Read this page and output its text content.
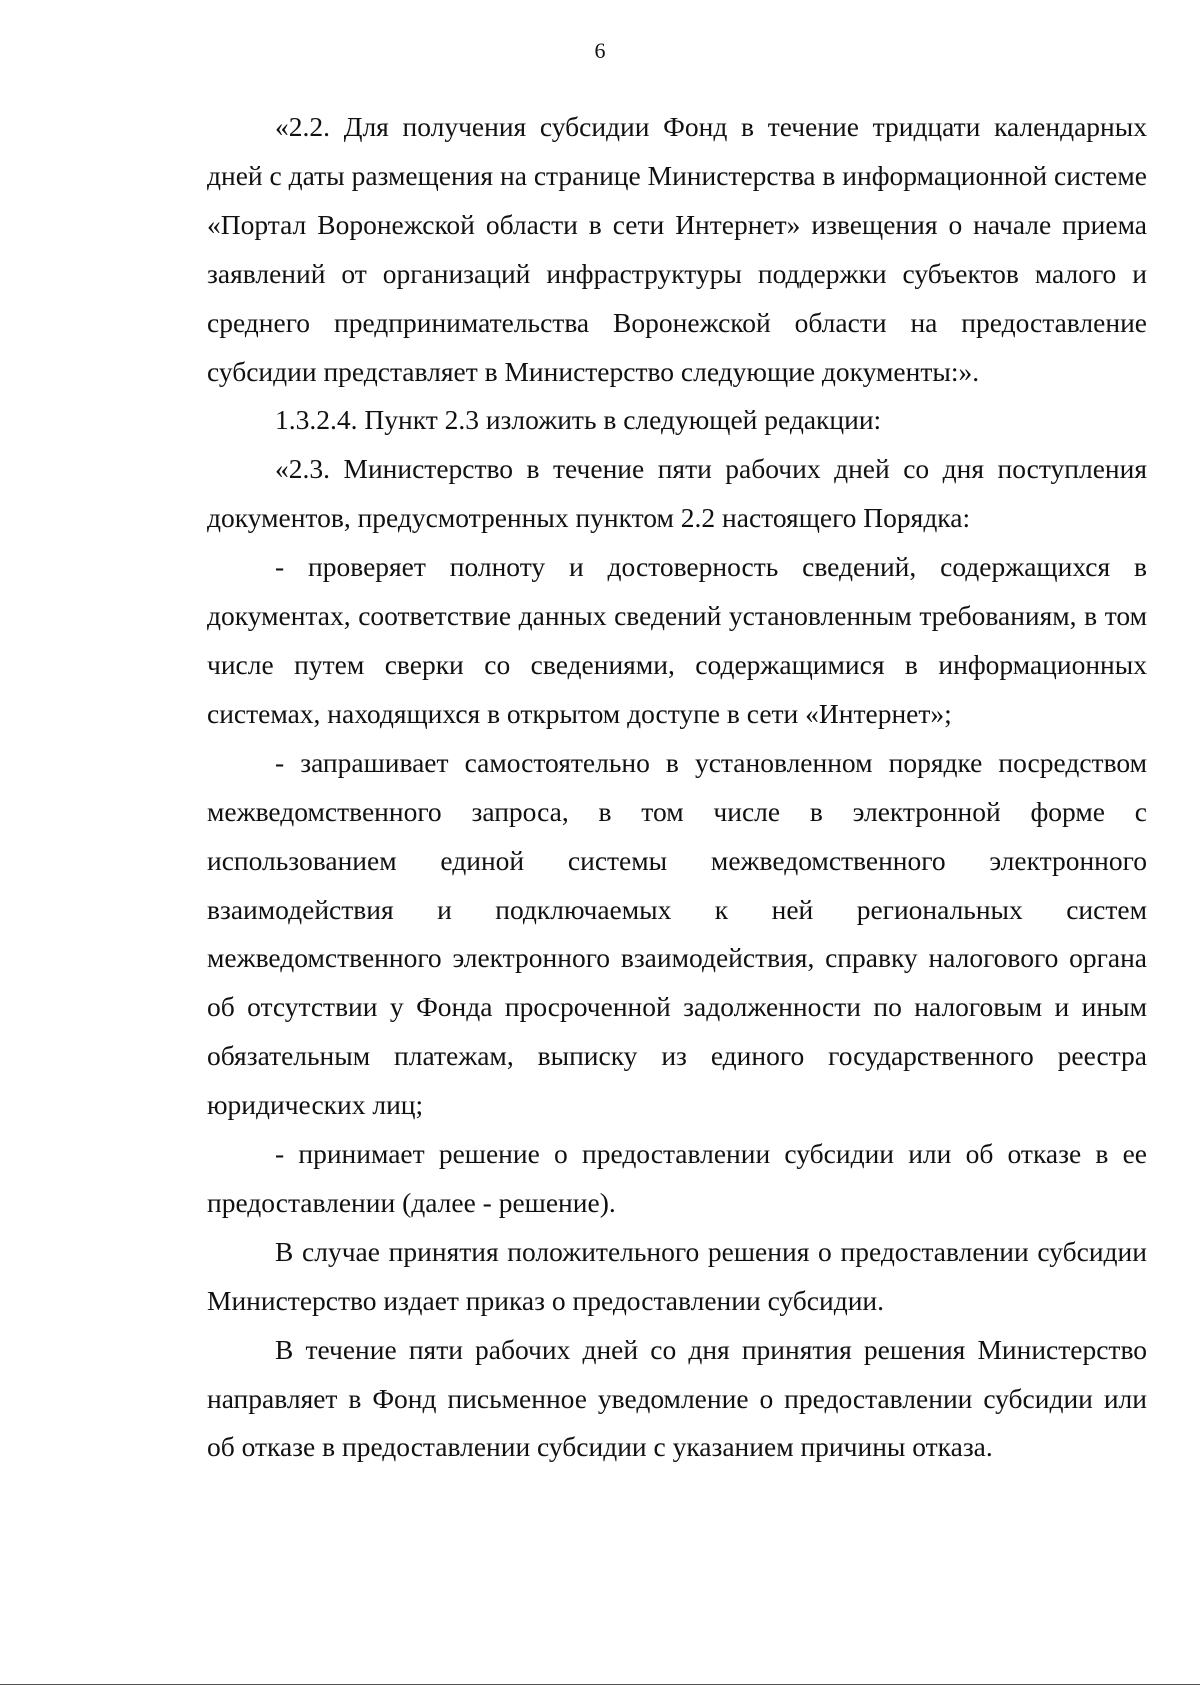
6

«2.2. Для получения субсидии Фонд в течение тридцати календарных дней с даты размещения на странице Министерства в информационной системе «Портал Воронежской области в сети Интернет» извещения о начале приема заявлений от организаций инфраструктуры поддержки субъектов малого и среднего предпринимательства Воронежской области на предоставление субсидии представляет в Министерство следующие документы:».

1.3.2.4. Пункт 2.3 изложить в следующей редакции:

«2.3. Министерство в течение пяти рабочих дней со дня поступления документов, предусмотренных пунктом 2.2 настоящего Порядка:

- проверяет полноту и достоверность сведений, содержащихся в документах, соответствие данных сведений установленным требованиям, в том числе путем сверки со сведениями, содержащимися в информационных системах, находящихся в открытом доступе в сети «Интернет»;

- запрашивает самостоятельно в установленном порядке посредством межведомственного запроса, в том числе в электронной форме с использованием единой системы межведомственного электронного взаимодействия и подключаемых к ней региональных систем межведомственного электронного взаимодействия, справку налогового органа об отсутствии у Фонда просроченной задолженности по налоговым и иным обязательным платежам, выписку из единого государственного реестра юридических лиц;

- принимает решение о предоставлении субсидии или об отказе в ее предоставлении (далее - решение).

В случае принятия положительного решения о предоставлении субсидии Министерство издает приказ о предоставлении субсидии.

В течение пяти рабочих дней со дня принятия решения Министерство направляет в Фонд письменное уведомление о предоставлении субсидии или об отказе в предоставлении субсидии с указанием причины отказа.
